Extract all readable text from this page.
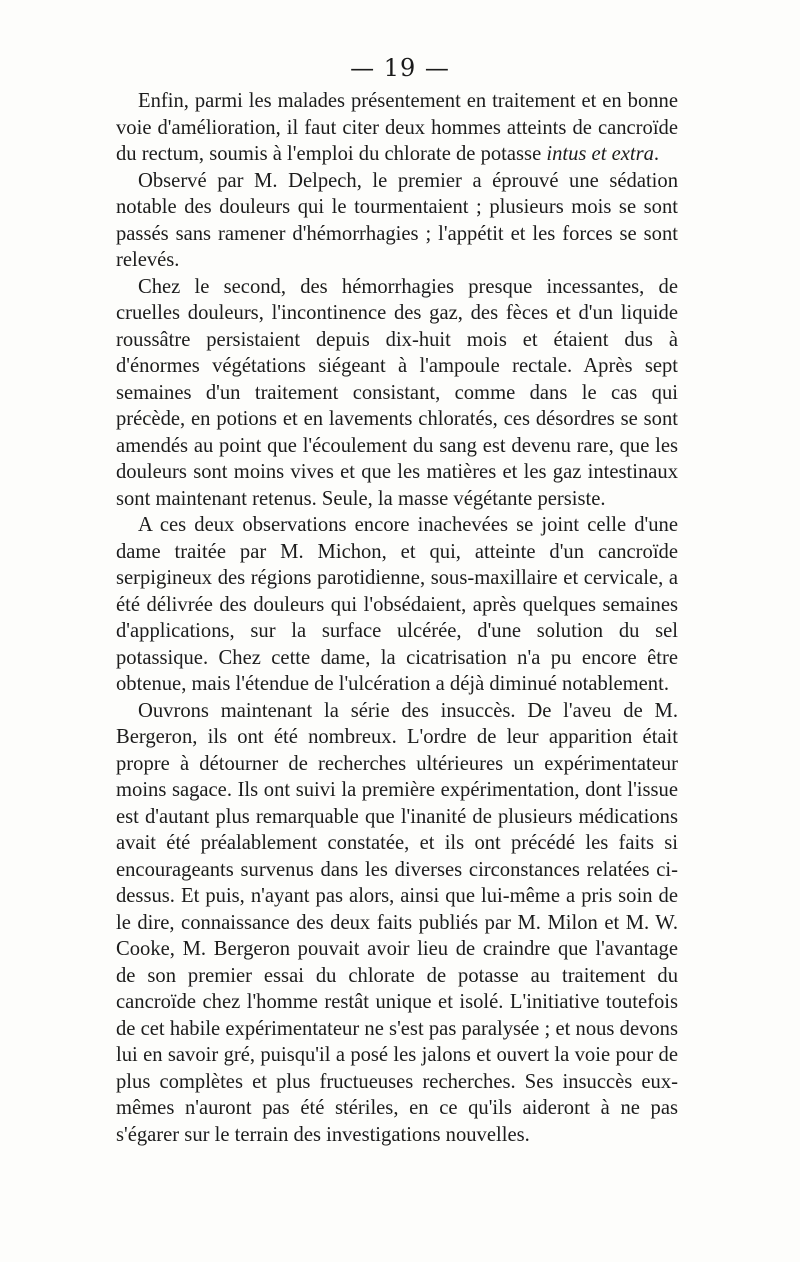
— 19 —

Enfin, parmi les malades présentement en traitement et en bonne voie d'amélioration, il faut citer deux hommes atteints de cancroïde du rectum, soumis à l'emploi du chlorate de potasse intus et extra.

Observé par M. Delpech, le premier a éprouvé une sédation notable des douleurs qui le tourmentaient ; plusieurs mois se sont passés sans ramener d'hémorrhagies ; l'appétit et les forces se sont relevés.

Chez le second, des hémorrhagies presque incessantes, de cruelles douleurs, l'incontinence des gaz, des fèces et d'un liquide roussâtre persistaient depuis dix-huit mois et étaient dus à d'énormes végétations siégeant à l'ampoule rectale. Après sept semaines d'un traitement consistant, comme dans le cas qui précède, en potions et en lavements chloratés, ces désordres se sont amendés au point que l'écoulement du sang est devenu rare, que les douleurs sont moins vives et que les matières et les gaz intestinaux sont maintenant retenus. Seule, la masse végétante persiste.

A ces deux observations encore inachevées se joint celle d'une dame traitée par M. Michon, et qui, atteinte d'un cancroïde serpigineux des régions parotidienne, sous-maxillaire et cervicale, a été délivrée des douleurs qui l'obsédaient, après quelques semaines d'applications, sur la surface ulcérée, d'une solution du sel potassique. Chez cette dame, la cicatrisation n'a pu encore être obtenue, mais l'étendue de l'ulcération a déjà diminué notablement.

Ouvrons maintenant la série des insuccès. De l'aveu de M. Bergeron, ils ont été nombreux. L'ordre de leur apparition était propre à détourner de recherches ultérieures un expérimentateur moins sagace. Ils ont suivi la première expérimentation, dont l'issue est d'autant plus remarquable que l'inanité de plusieurs médications avait été préalablement constatée, et ils ont précédé les faits si encourageants survenus dans les diverses circonstances relatées ci-dessus. Et puis, n'ayant pas alors, ainsi que lui-même a pris soin de le dire, connaissance des deux faits publiés par M. Milon et M. W. Cooke, M. Bergeron pouvait avoir lieu de craindre que l'avantage de son premier essai du chlorate de potasse au traitement du cancroïde chez l'homme restât unique et isolé. L'initiative toutefois de cet habile expérimentateur ne s'est pas paralysée ; et nous devons lui en savoir gré, puisqu'il a posé les jalons et ouvert la voie pour de plus complètes et plus fructueuses recherches. Ses insuccès eux-mêmes n'auront pas été stériles, en ce qu'ils aideront à ne pas s'égarer sur le terrain des investigations nouvelles.
